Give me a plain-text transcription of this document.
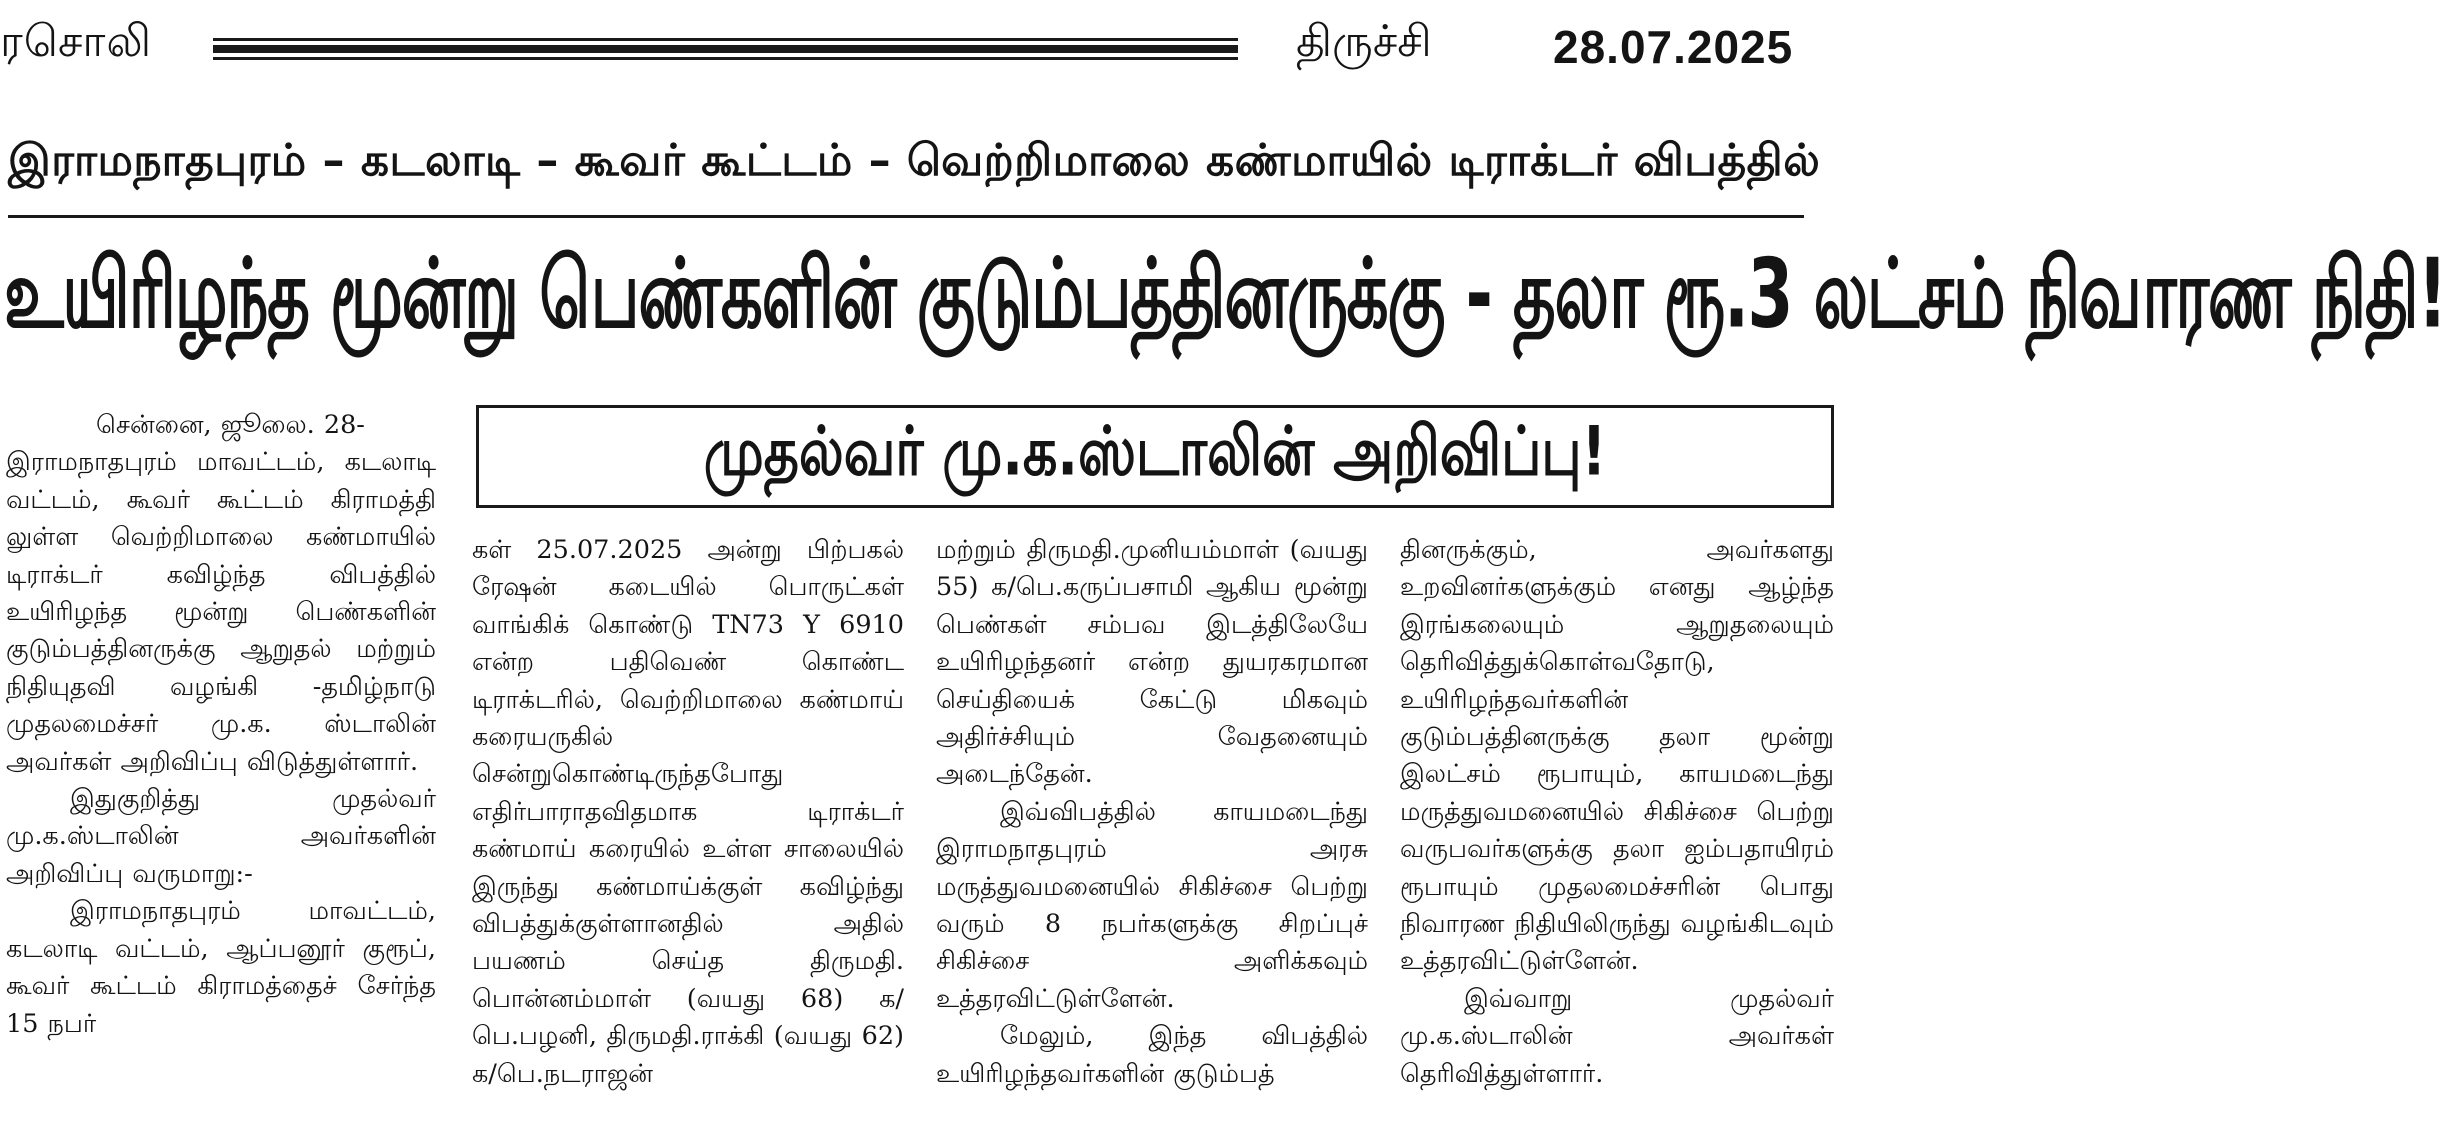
ரசொலி	திருச்சி	28.07.2025
இராமநாதபுரம் – கடலாடி – கூவர் கூட்டம் – வெற்றிமாலை கண்மாயில் டிராக்டர் விபத்தில்
உயிரிழந்த மூன்று பெண்களின் குடும்பத்தினருக்கு - தலா ரூ.3 லட்சம் நிவாரண நிதி!
முதல்வர் மு.க.ஸ்டாலின் அறிவிப்பு!

சென்னை, ஜூலை. 28-

இராமநாதபுரம் மாவட்டம், கடலாடி வட்டம், கூவர் கூட்டம் கிராமத்தி லுள்ள வெற்றிமாலை கண்மாயில் டிராக்டர் கவிழ்ந்த விபத்தில் உயிரிழந்த மூன்று பெண்களின் குடும்பத்தினருக்கு ஆறுதல் மற்றும் நிதியுதவி வழங்கி -தமிழ்நாடு முதலமைச்சர் மு.க. ஸ்டாலின் அவர்கள் அறிவிப்பு விடுத்துள்ளார்.

இதுகுறித்து முதல்வர் மு.க.ஸ்டாலின் அவர்களின் அறிவிப்பு வருமாறு:-

இராமநாதபுரம் மாவட்டம், கடலாடி வட்டம், ஆப்பனூர் குரூப், கூவர் கூட்டம் கிராமத்தைச் சேர்ந்த 15 நபர்

கள் 25.07.2025 அன்று பிற்பகல் ரேஷன் கடையில் பொருட்கள் வாங்கிக் கொண்டு TN73 Y 6910 என்ற பதிவெண் கொண்ட டிராக்டரில், வெற்றிமாலை கண்மாய் கரையருகில் சென்றுகொண்டிருந்தபோது எதிர்பாராதவிதமாக டிராக்டர் கண்மாய் கரையில் உள்ள சாலையில் இருந்து கண்மாய்க்குள் கவிழ்ந்து விபத்துக்குள்ளானதில் அதில் பயணம் செய்த திருமதி. பொன்னம்மாள் (வயது 68) க/பெ.பழனி, திருமதி.ராக்கி (வயது 62) க/பெ.நடராஜன்

மற்றும் திருமதி.முனியம்மாள் (வயது 55) க/பெ.கருப்பசாமி ஆகிய மூன்று பெண்கள் சம்பவ இடத்திலேயே உயிரிழந்தனர் என்ற துயரகரமான செய்தியைக் கேட்டு மிகவும் அதிர்ச்சியும் வேதனையும் அடைந்தேன்.

இவ்விபத்தில் காயமடைந்து இராமநாதபுரம் அரசு மருத்துவமனையில் சிகிச்சை பெற்று வரும் 8 நபர்களுக்கு சிறப்புச் சிகிச்சை அளிக்கவும் உத்தரவிட்டுள்ளேன்.

மேலும், இந்த விபத்தில் உயிரிழந்தவர்களின் குடும்பத்

தினருக்கும், அவர்களது உறவினர்களுக்கும் எனது ஆழ்ந்த இரங்கலையும் ஆறுதலையும் தெரிவித்துக்கொள்வதோடு, உயிரிழந்தவர்களின் குடும்பத்தினருக்கு தலா மூன்று இலட்சம் ரூபாயும், காயமடைந்து மருத்துவமனையில் சிகிச்சை பெற்று வருபவர்களுக்கு தலா ஐம்பதாயிரம் ரூபாயும் முதலமைச்சரின் பொது நிவாரண நிதியிலிருந்து வழங்கிடவும் உத்தரவிட்டுள்ளேன்.

இவ்வாறு முதல்வர் மு.க.ஸ்டாலின் அவர்கள் தெரிவித்துள்ளார்.
